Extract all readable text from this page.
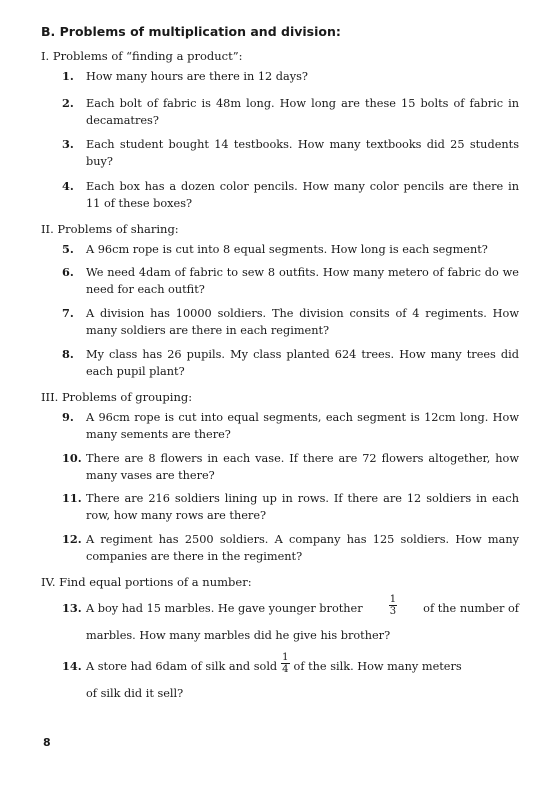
B. Problems of multiplication and division:
I. Problems of “finding a product”:
1. How many hours are there in 12 days?
2. Each bolt of fabric is 48m long. How long are these 15 bolts of fabric in decamatres?
3. Each student bought 14 testbooks. How many textbooks did 25 students buy?
4. Each box has a dozen color pencils. How many color pencils are there in 11 of these boxes?
II. Problems of sharing:
5. A 96cm rope is cut into 8 equal segments. How long is each segment?
6. We need 4dam of fabric to sew 8 outfits. How many metero of fabric do we need for each outfit?
7. A division has 10000 soldiers. The division consits of 4 regiments. How many soldiers are there in each regiment?
8. My class has 26 pupils. My class planted 624 trees. How many trees did each pupil plant?
III. Problems of grouping:
9. A 96cm rope is cut into equal segments, each segment is 12cm long. How many sements are there?
10. There are 8 flowers in each vase. If there are 72 flowers altogether, how many vases are there?
11. There are 216 soldiers lining up in rows. If there are 12 soldiers in each row, how many rows are there?
12. A regiment has 2500 soldiers. A company has 125 soldiers. How many companies are there in the regiment?
IV. Find equal portions of a number:
13. A boy had 15 marbles. He gave younger brother	$\frac{1}{3}$ of the number of
marbles. How many marbles did he give his brother?
14. A store had 6dam of silk and sold $\frac{1}{4}$ of the silk. How many meters
of silk did it sell?
8
